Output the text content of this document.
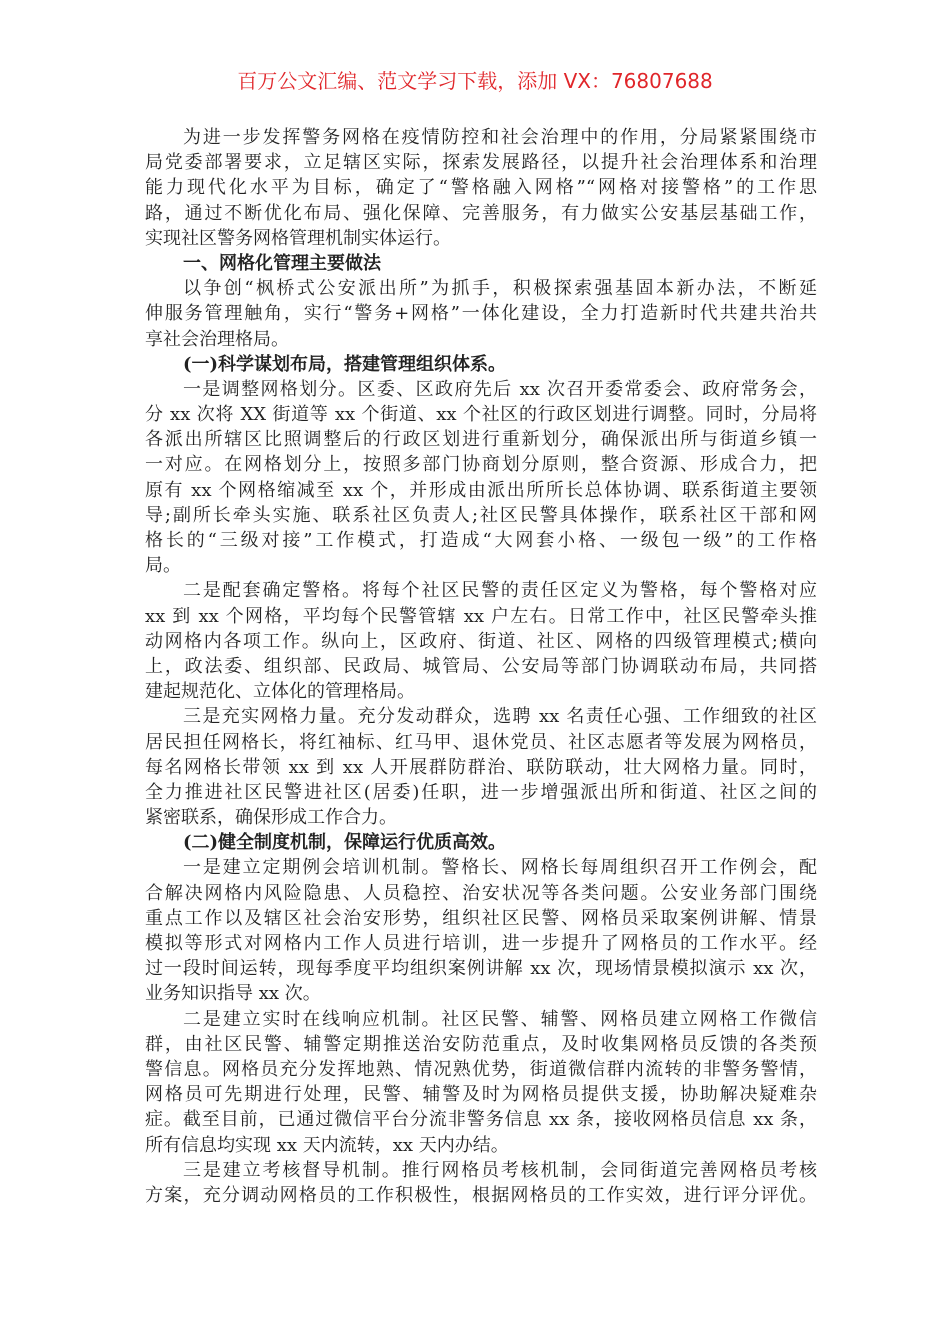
百万公文汇编、范文学习下载，添加 VX：76807688
为进一步发挥警务网格在疫情防控和社会治理中的作用，分局紧紧围绕市
局党委部署要求，立足辖区实际，探索发展路径，以提升社会治理体系和治理
能力现代化水平为目标，确定了“警格融入网格”“网格对接警格”的工作思
路，通过不断优化布局、强化保障、完善服务，有力做实公安基层基础工作，
实现社区警务网格管理机制实体运行。
一、网格化管理主要做法
以争创“枫桥式公安派出所”为抓手，积极探索强基固本新办法，不断延
伸服务管理触角，实行“警务+网格”一体化建设，全力打造新时代共建共治共
享社会治理格局。
(一)科学谋划布局，搭建管理组织体系。
一是调整网格划分。区委、区政府先后 xx 次召开委常委会、政府常务会，
分 xx 次将 XX 街道等 xx 个街道、xx 个社区的行政区划进行调整。同时，分局将
各派出所辖区比照调整后的行政区划进行重新划分，确保派出所与街道乡镇一
一对应。在网格划分上，按照多部门协商划分原则，整合资源、形成合力，把
原有 xx 个网格缩减至 xx 个，并形成由派出所所长总体协调、联系街道主要领
导;副所长牵头实施、联系社区负责人;社区民警具体操作，联系社区干部和网
格长的“三级对接”工作模式，打造成“大网套小格、一级包一级”的工作格
局。
二是配套确定警格。将每个社区民警的责任区定义为警格，每个警格对应
xx 到 xx 个网格，平均每个民警管辖 xx 户左右。日常工作中，社区民警牵头推
动网格内各项工作。纵向上，区政府、街道、社区、网格的四级管理模式;横向
上，政法委、组织部、民政局、城管局、公安局等部门协调联动布局，共同搭
建起规范化、立体化的管理格局。
三是充实网格力量。充分发动群众，选聘 xx 名责任心强、工作细致的社区
居民担任网格长，将红袖标、红马甲、退休党员、社区志愿者等发展为网格员，
每名网格长带领 xx 到 xx 人开展群防群治、联防联动，壮大网格力量。同时，
全力推进社区民警进社区(居委)任职，进一步增强派出所和街道、社区之间的
紧密联系，确保形成工作合力。
(二)健全制度机制，保障运行优质高效。
一是建立定期例会培训机制。警格长、网格长每周组织召开工作例会，配
合解决网格内风险隐患、人员稳控、治安状况等各类问题。公安业务部门围绕
重点工作以及辖区社会治安形势，组织社区民警、网格员采取案例讲解、情景
模拟等形式对网格内工作人员进行培训，进一步提升了网格员的工作水平。经
过一段时间运转，现每季度平均组织案例讲解 xx 次，现场情景模拟演示 xx 次，
业务知识指导 xx 次。
二是建立实时在线响应机制。社区民警、辅警、网格员建立网格工作微信
群，由社区民警、辅警定期推送治安防范重点，及时收集网格员反馈的各类预
警信息。网格员充分发挥地熟、情况熟优势，街道微信群内流转的非警务警情，
网格员可先期进行处理，民警、辅警及时为网格员提供支援，协助解决疑难杂
症。截至目前，已通过微信平台分流非警务信息 xx 条，接收网格员信息 xx 条，
所有信息均实现 xx 天内流转，xx 天内办结。
三是建立考核督导机制。推行网格员考核机制，会同街道完善网格员考核
方案，充分调动网格员的工作积极性，根据网格员的工作实效，进行评分评优。
